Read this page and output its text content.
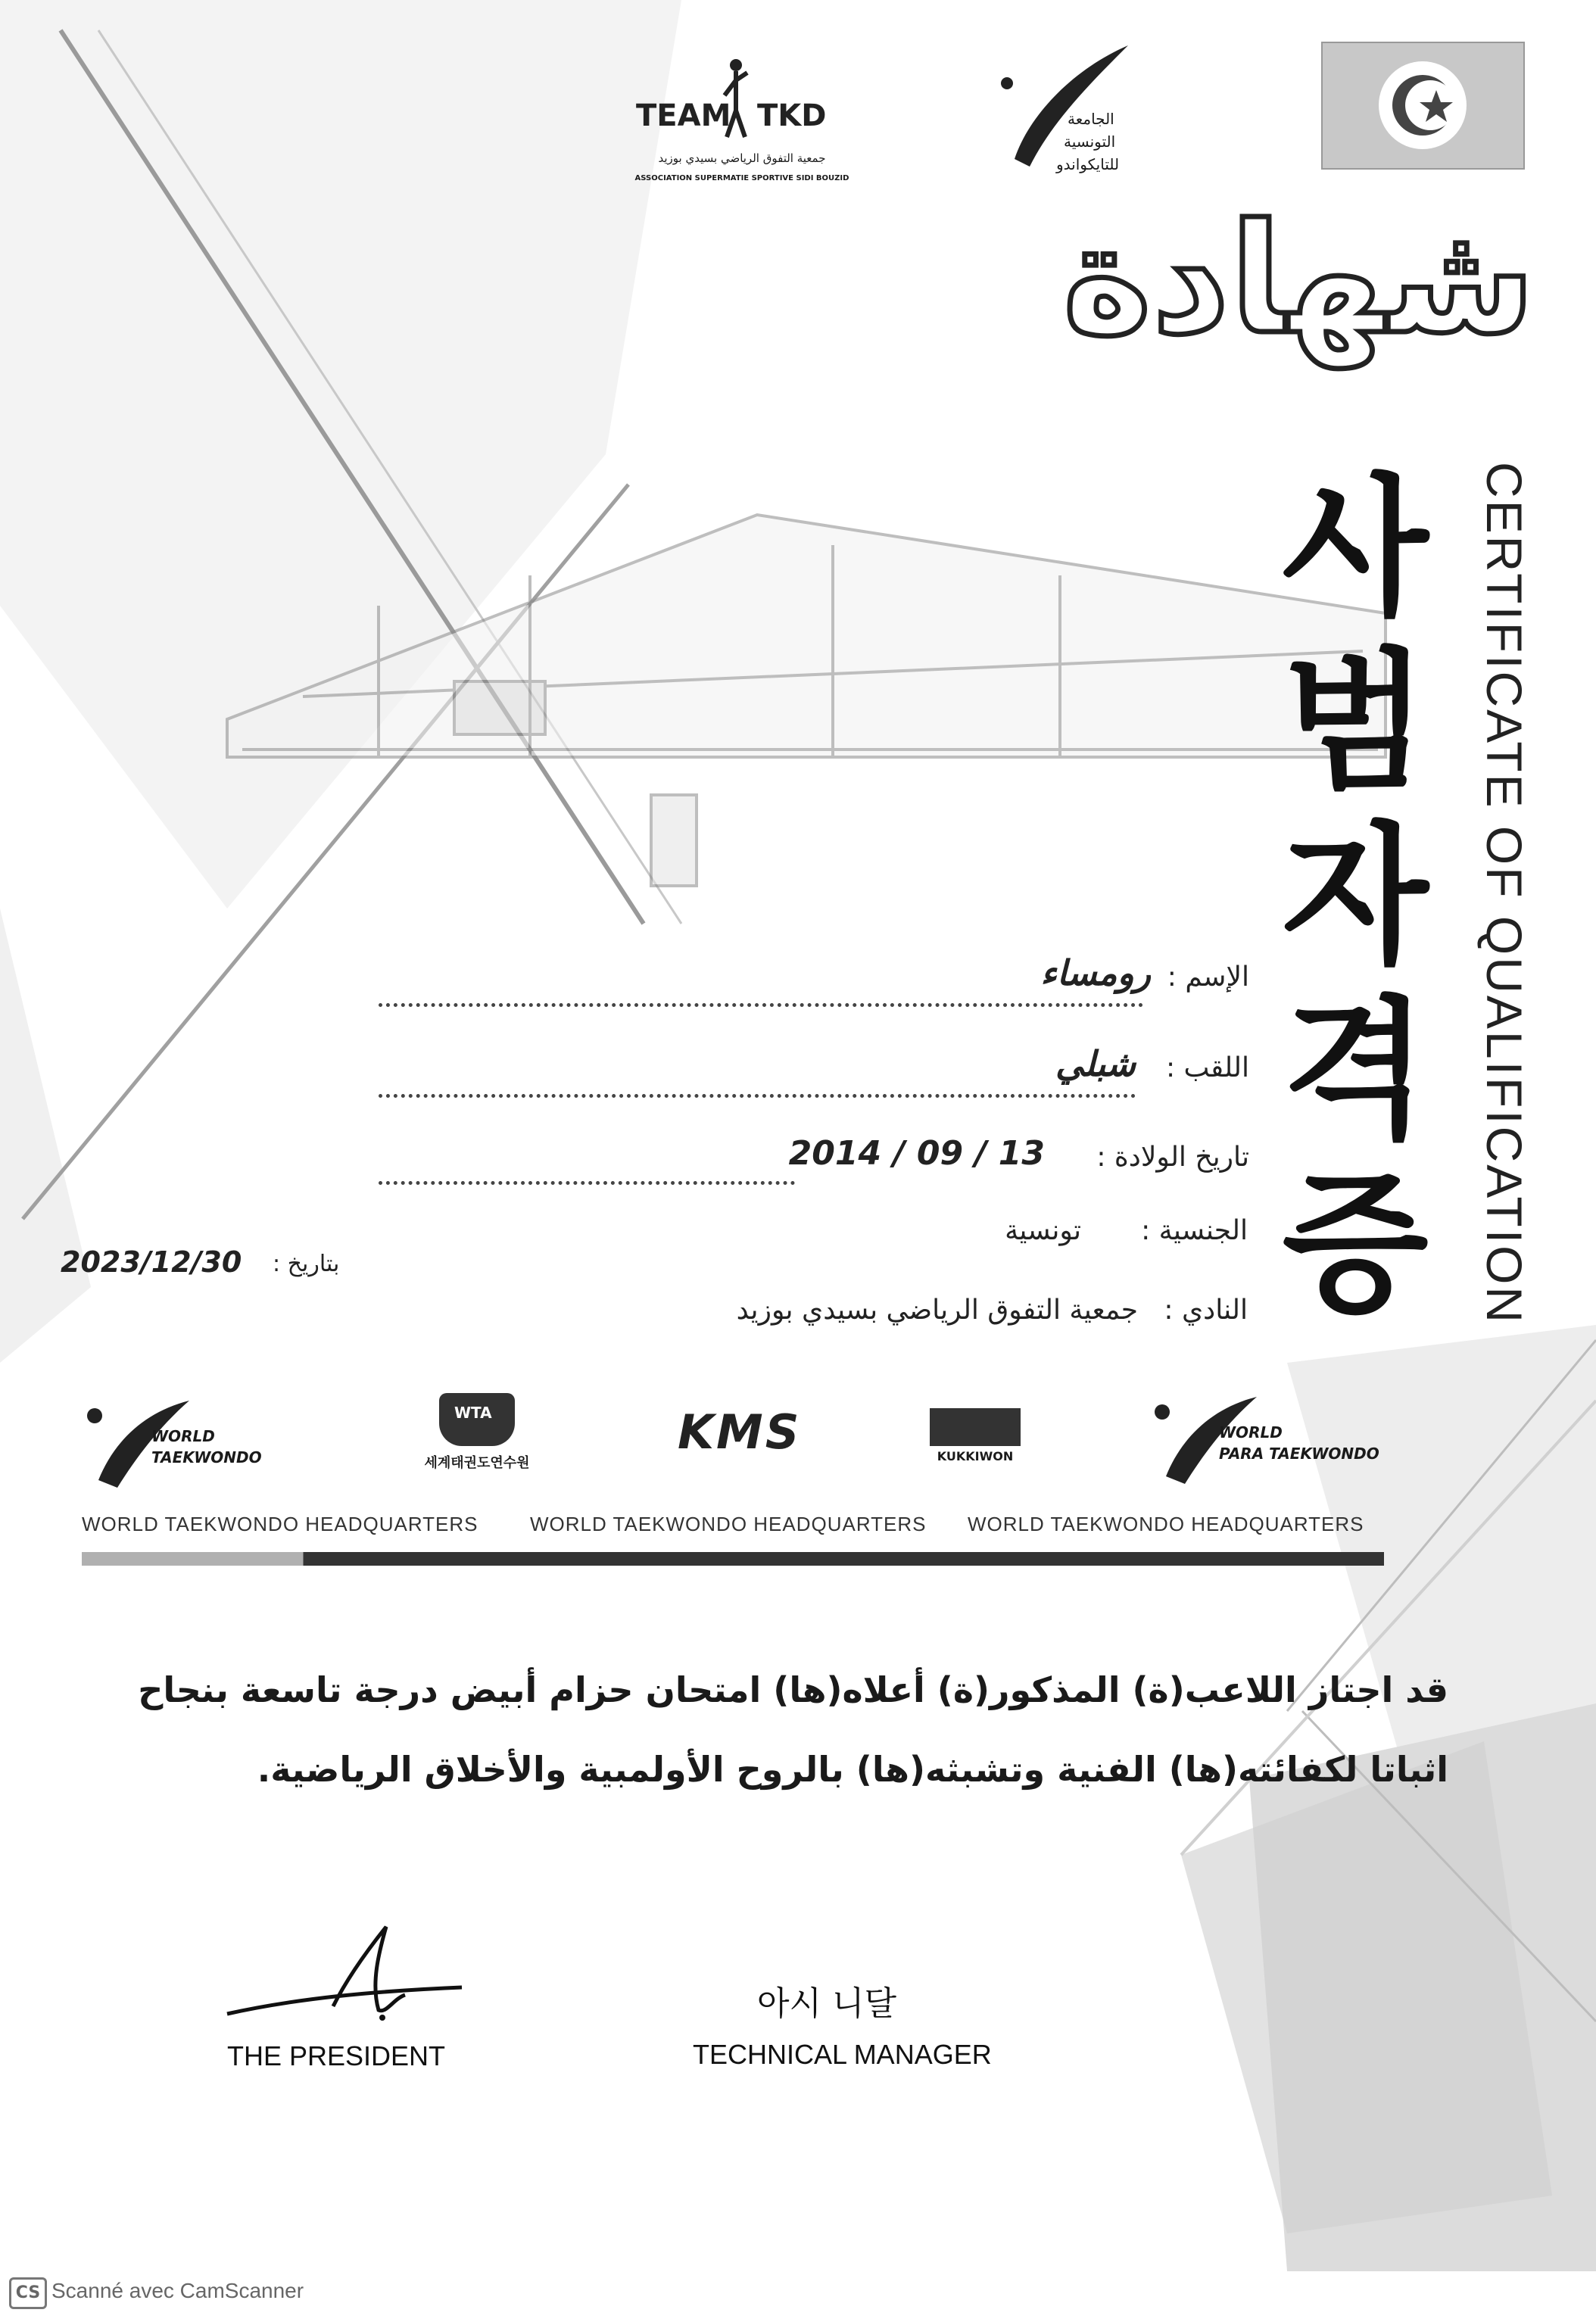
TEAM TKD
جمعية التفوق الرياضي بسيدي بوزيد
ASSOCIATION SUPERMATIE SPORTIVE SIDI BOUZID
الجامعة
التونسية
للتايكواندو
شهادة
사
범
자
격
증 CERTIFICATE OF QUALIFICATION
الإسم :
رومساء
اللقب :
شبلي
تاريخ الولادة :
2014 / 09 / 13
الجنسية :
تونسية
النادي :
جمعية التفوق الرياضي بسيدي بوزيد
بتاريخ :
2023/12/30
WORLD
TAEKWONDO
WTA
세계태권도연수원
KMS	KUKKIWON
WORLD
PARA TAEKWONDO
WORLD TAEKWONDO HEADQUARTERS	WORLD TAEKWONDO HEADQUARTERS WORLD TAEKWONDO HEADQUARTERS
قد اجتاز اللاعب(ة) المذكور(ة) أعلاه(ها) امتحان حزام أبيض درجة تاسعة بنجاح
اثباتا لكفائته(ها) الفنية وتشبثه(ها) بالروح الأولمبية والأخلاق الرياضية.
THE PRESIDENT
아시 니달
TECHNICAL MANAGER
CS Scanné avec CamScanner
